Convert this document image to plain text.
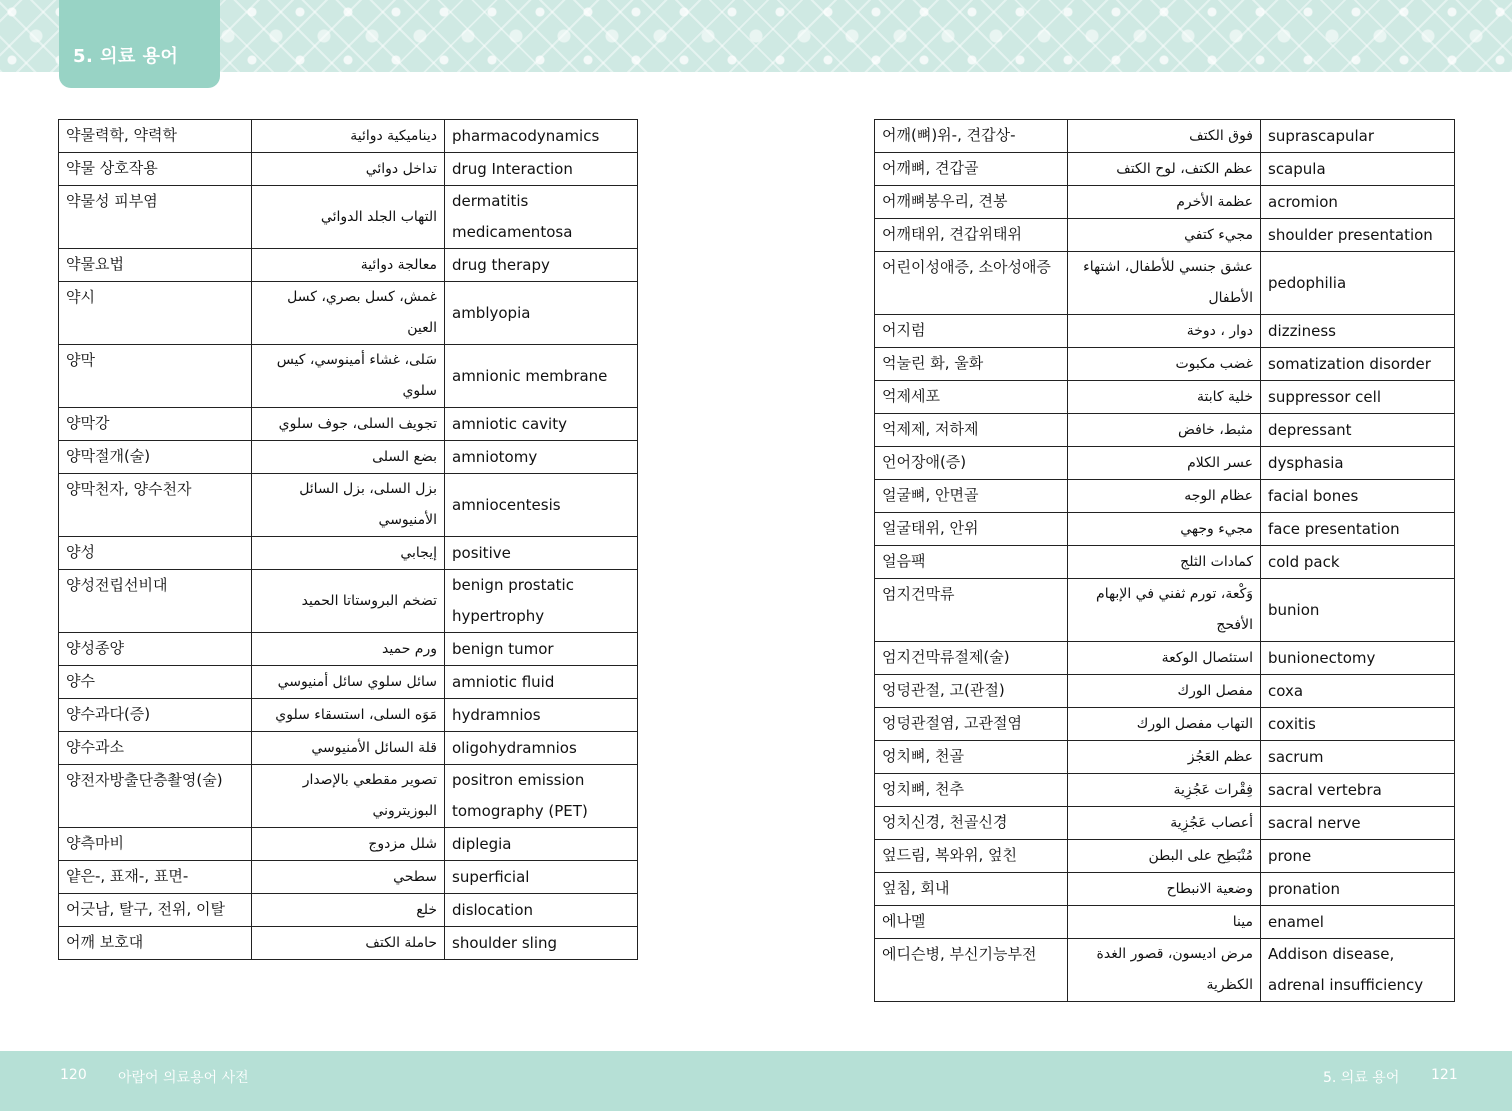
5. 의료 용어
약물력학, 약력학	ديناميكية دوائية	pharmacodynamics
약물 상호작용	تداخل دوائي	drug Interaction
약물성 피부염	التهاب الجلد الدوائي	dermatitis medicamentosa
약물요법	معالجة دوائية	drug therapy
약시	غمش، كسل بصري، كسل العين	amblyopia
양막	سَلى، غشاء أمينوسي، كيس سلوي	amnionic membrane
양막강	تجويف السلى، جوف سلوي	amniotic cavity
양막절개(술)	بضع السلى	amniotomy
양막천자, 양수천자	بزل السلى، بزل السائل الأمنيوسي	amniocentesis
양성	إيجابي	positive
양성전립선비대	تضخم البروستاتا الحميد	benign prostatic hypertrophy
양성종양	ورم حميد	benign tumor
양수	سائل سلوي سائل أمنيوسي	amniotic fluid
양수과다(증)	مَوَه السلى، استسقاء سلوي	hydramnios
양수과소	قلة السائل الأمنيوسي	oligohydramnios
양전자방출단층촬영(술)	تصوير مقطعي بالإصدار البوزيتروني	positron emission tomography (PET)
양측마비	شلل مزدوج	diplegia
얕은-, 표재-, 표면-	سطحي	superficial
어긋남, 탈구, 전위, 이탈	خلع	dislocation
어깨 보호대	حاملة الكتف	shoulder sling
어깨(뼈)위-, 견갑상-	فوق الكتف	suprascapular
어깨뼈, 견갑골	عظم الكتف، لوح الكتف	scapula
어깨뼈봉우리, 견봉	عظمة الأخرم	acromion
어깨태위, 견갑위태위	مجيء كتفي	shoulder presentation
어린이성애증, 소아성애증	عشق جنسي للأطفال، اشتهاء الأطفال	pedophilia
어지럼	دوار ، دوخة	dizziness
억눌린 화, 울화	غضب مكبوت	somatization disorder
억제세포	خلية كابتة	suppressor cell
억제제, 저하제	مثبط، خافض	depressant
언어장애(증)	عسر الكلام	dysphasia
얼굴뼈, 안면골	عظام الوجه	facial bones
얼굴태위, 안위	مجيء وجهي	face presentation
얼음팩	كمادات الثلج	cold pack
엄지건막류	وَكْعة، تورم ثفني في الإبهام الأفحج	bunion
엄지건막류절제(술)	استئصال الوكعة	bunionectomy
엉덩관절, 고(관절)	مفصل الورك	coxa
엉덩관절염, 고관절염	التهاب مفصل الورك	coxitis
엉치뼈, 천골	عظم العَجُز	sacrum
엉치뼈, 천추	فِقْرات عَجُزِية	sacral vertebra
엉치신경, 천골신경	أعصاب عَجُزِية	sacral nerve
엎드림, 복와위, 엎친	مُنْبَطِح على البطن	prone
엎침, 회내	وضعية الانبطاح	pronation
에나멜	مينا	enamel
에디슨병, 부신기능부전	مرض اديسون، قصور الغدة الكظرية	Addison disease, adrenal insufficiency
120 아랍어 의료용어 사전	5. 의료 용어 121
